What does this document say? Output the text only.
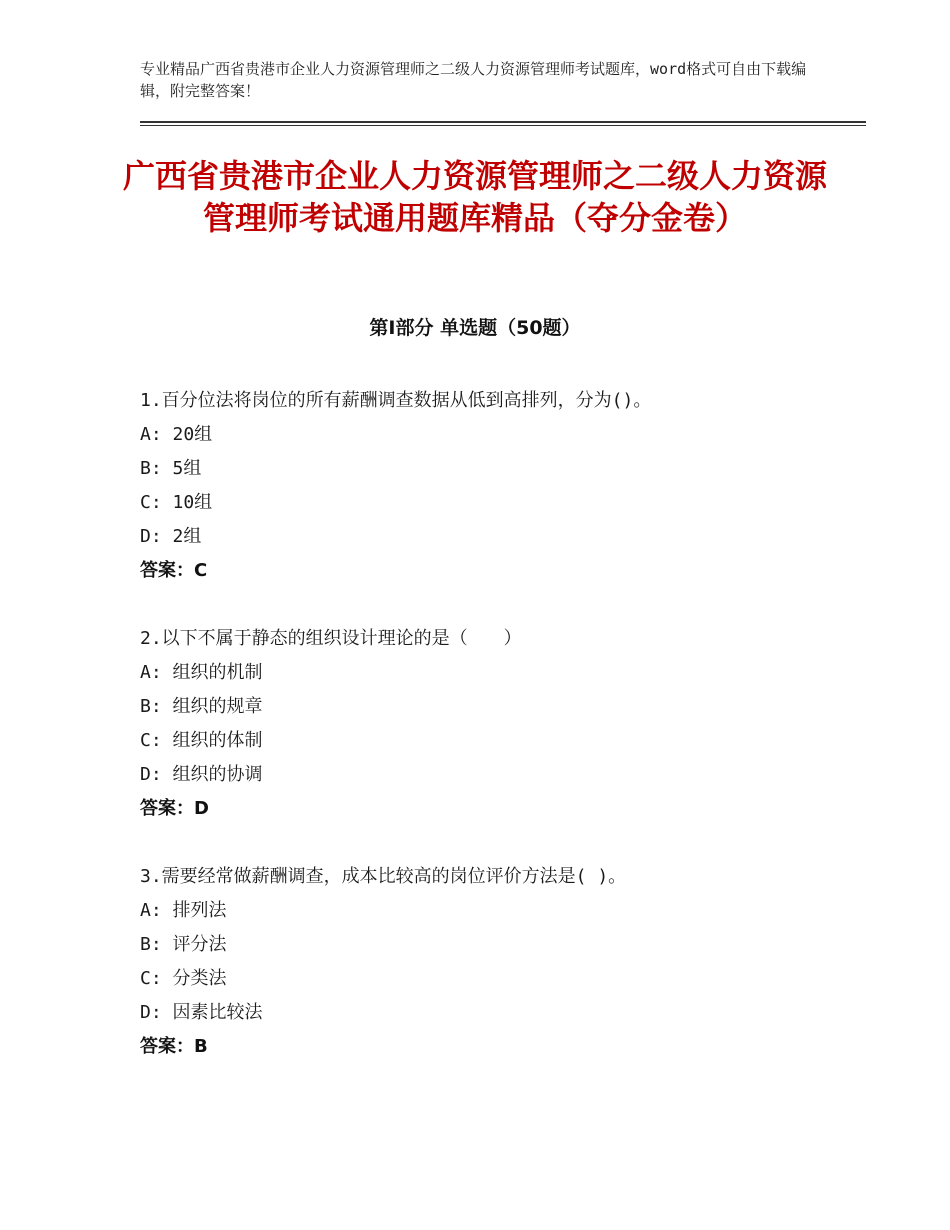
专业精品广西省贵港市企业人力资源管理师之二级人力资源管理师考试题库，word格式可自由下载编辑，附完整答案！
广西省贵港市企业人力资源管理师之二级人力资源管理师考试通用题库精品（夺分金卷）
第Ⅰ部分 单选题（50题）
1.百分位法将岗位的所有薪酬调查数据从低到高排列，分为()。
A: 20组
B: 5组
C: 10组
D: 2组
答案：C
2.以下不属于静态的组织设计理论的是（　　）
A: 组织的机制
B: 组织的规章
C: 组织的体制
D: 组织的协调
答案：D
3.需要经常做薪酬调查，成本比较高的岗位评价方法是( )。
A: 排列法
B: 评分法
C: 分类法
D: 因素比较法
答案：B
